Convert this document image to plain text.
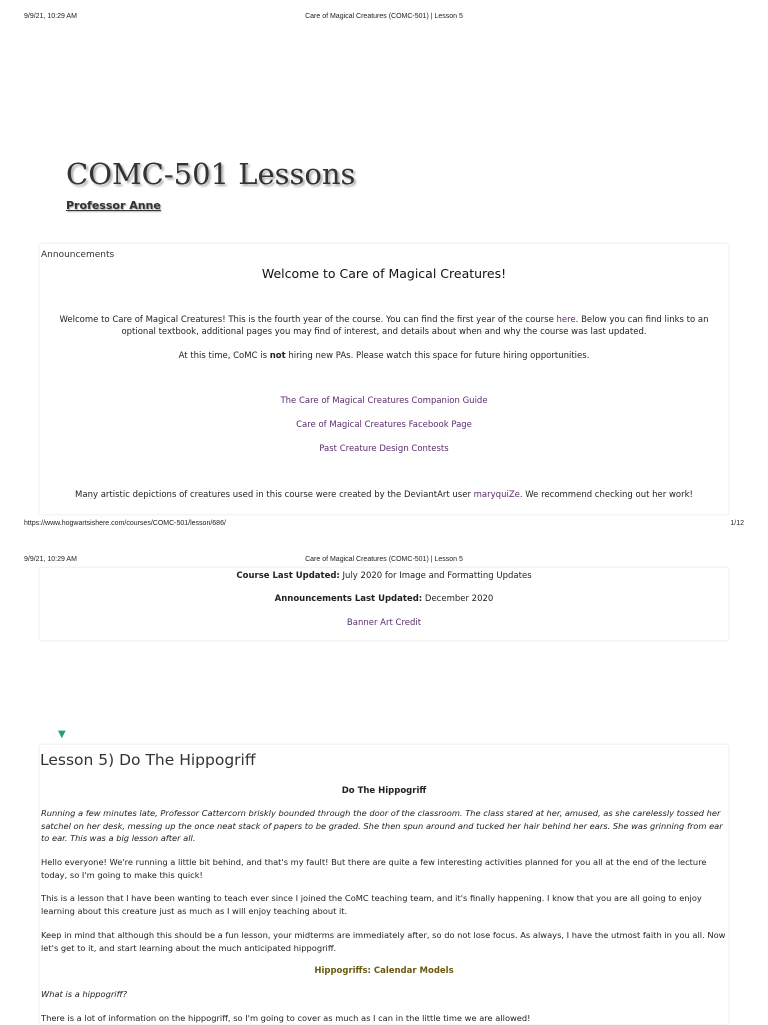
9/9/21, 10:29 AM	Care of Magical Creatures (COMC-501) | Lesson 5
COMC-501 Lessons
Professor Anne
Announcements
Welcome to Care of Magical Creatures!
Welcome to Care of Magical Creatures! This is the fourth year of the course. You can find the first year of the course here. Below you can find links to an optional textbook, additional pages you may find of interest, and details about when and why the course was last updated.
At this time, CoMC is not hiring new PAs. Please watch this space for future hiring opportunities.
The Care of Magical Creatures Companion Guide
Care of Magical Creatures Facebook Page
Past Creature Design Contests
Many artistic depictions of creatures used in this course were created by the DeviantArt user maryquiZe. We recommend checking out her work!
https://www.hogwartsishere.com/courses/COMC-501/lesson/686/	1/12
9/9/21, 10:29 AM	Care of Magical Creatures (COMC-501) | Lesson 5
Course Last Updated: July 2020 for Image and Formatting Updates
Announcements Last Updated: December 2020
Banner Art Credit
▼
Lesson 5) Do The Hippogriff
Do The Hippogriff
Running a few minutes late, Professor Cattercorn briskly bounded through the door of the classroom. The class stared at her, amused, as she carelessly tossed her satchel on her desk, messing up the once neat stack of papers to be graded. She then spun around and tucked her hair behind her ears. She was grinning from ear to ear. This was a big lesson after all.
Hello everyone! We're running a little bit behind, and that's my fault! But there are quite a few interesting activities planned for you all at the end of the lecture today, so I'm going to make this quick!
This is a lesson that I have been wanting to teach ever since I joined the CoMC teaching team, and it's finally happening. I know that you are all going to enjoy learning about this creature just as much as I will enjoy teaching about it.
Keep in mind that although this should be a fun lesson, your midterms are immediately after, so do not lose focus. As always, I have the utmost faith in you all. Now let's get to it, and start learning about the much anticipated hippogriff.
Hippogriffs: Calendar Models
What is a hippogriff?
There is a lot of information on the hippogriff, so I'm going to cover as much as I can in the little time we are allowed!
